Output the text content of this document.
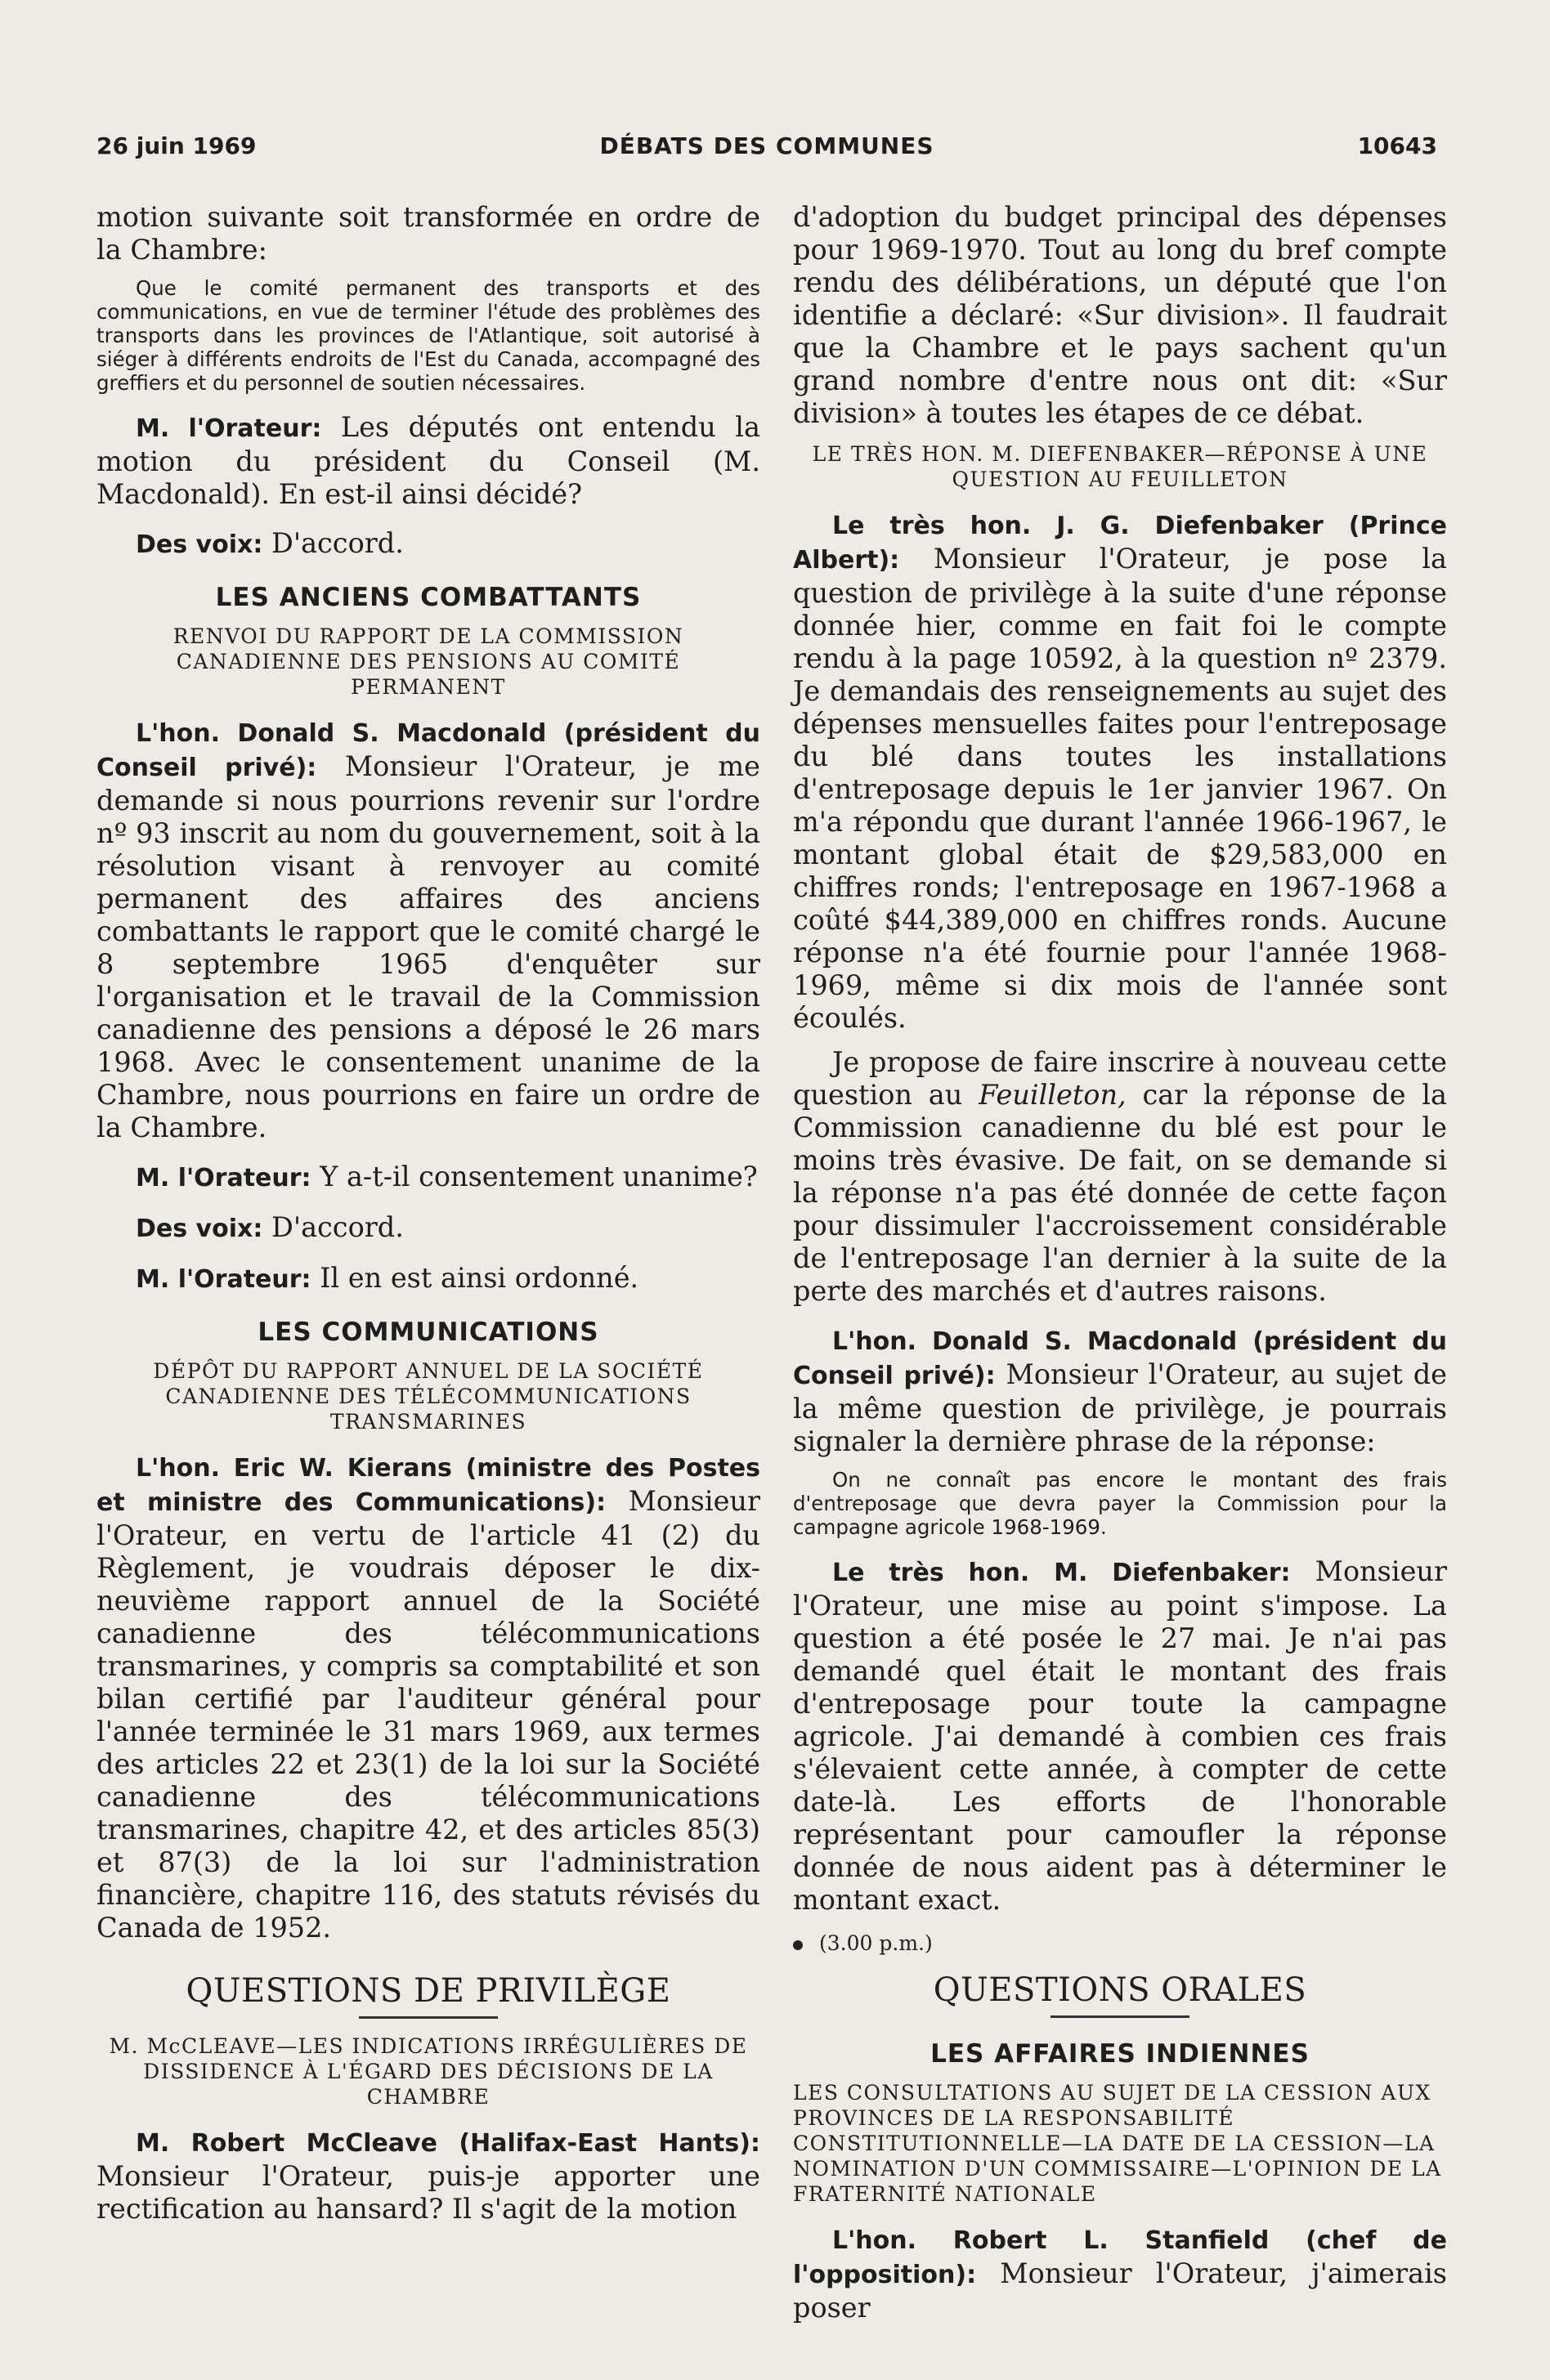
26 juin 1969	DÉBATS DES COMMUNES	10643

motion suivante soit transformée en ordre de la Chambre:

Que le comité permanent des transports et des communications, en vue de terminer l'étude des problèmes des transports dans les provinces de l'Atlantique, soit autorisé à siéger à différents endroits de l'Est du Canada, accompagné des greffiers et du personnel de soutien nécessaires.

M. l'Orateur: Les députés ont entendu la motion du président du Conseil (M. Macdonald). En est-il ainsi décidé?

Des voix: D'accord.

LES ANCIENS COMBATTANTS
RENVOI DU RAPPORT DE LA COMMISSION CANADIENNE DES PENSIONS AU COMITÉ PERMANENT

L'hon. Donald S. Macdonald (président du Conseil privé): Monsieur l'Orateur, je me demande si nous pourrions revenir sur l'ordre nº 93 inscrit au nom du gouvernement, soit à la résolution visant à renvoyer au comité permanent des affaires des anciens combattants le rapport que le comité chargé le 8 septembre 1965 d'enquêter sur l'organisation et le travail de la Commission canadienne des pensions a déposé le 26 mars 1968. Avec le consentement unanime de la Chambre, nous pourrions en faire un ordre de la Chambre.

M. l'Orateur: Y a-t-il consentement unanime?

Des voix: D'accord.

M. l'Orateur: Il en est ainsi ordonné.

LES COMMUNICATIONS
DÉPÔT DU RAPPORT ANNUEL DE LA SOCIÉTÉ CANADIENNE DES TÉLÉCOMMUNICATIONS TRANSMARINES

L'hon. Eric W. Kierans (ministre des Postes et ministre des Communications): Monsieur l'Orateur, en vertu de l'article 41 (2) du Règlement, je voudrais déposer le dix-neuvième rapport annuel de la Société canadienne des télécommunications transmarines, y compris sa comptabilité et son bilan certifié par l'auditeur général pour l'année terminée le 31 mars 1969, aux termes des articles 22 et 23(1) de la loi sur la Société canadienne des télécommunications transmarines, chapitre 42, et des articles 85(3) et 87(3) de la loi sur l'administration financière, chapitre 116, des statuts révisés du Canada de 1952.

QUESTIONS DE PRIVILÈGE
M. McCLEAVE—LES INDICATIONS IRRÉGULIÈRES DE DISSIDENCE À L'ÉGARD DES DÉCISIONS DE LA CHAMBRE

M. Robert McCleave (Halifax-East Hants): Monsieur l'Orateur, puis-je apporter une rectification au hansard? Il s'agit de la motion

d'adoption du budget principal des dépenses pour 1969-1970. Tout au long du bref compte rendu des délibérations, un député que l'on identifie a déclaré: «Sur division». Il faudrait que la Chambre et le pays sachent qu'un grand nombre d'entre nous ont dit: «Sur division» à toutes les étapes de ce débat.

LE TRÈS HON. M. DIEFENBAKER—RÉPONSE À UNE QUESTION AU FEUILLETON

Le très hon. J. G. Diefenbaker (Prince Albert): Monsieur l'Orateur, je pose la question de privilège à la suite d'une réponse donnée hier, comme en fait foi le compte rendu à la page 10592, à la question nº 2379. Je demandais des renseignements au sujet des dépenses mensuelles faites pour l'entreposage du blé dans toutes les installations d'entreposage depuis le 1er janvier 1967. On m'a répondu que durant l'année 1966-1967, le montant global était de $29,583,000 en chiffres ronds; l'entreposage en 1967-1968 a coûté $44,389,000 en chiffres ronds. Aucune réponse n'a été fournie pour l'année 1968-1969, même si dix mois de l'année sont écoulés.

Je propose de faire inscrire à nouveau cette question au Feuilleton, car la réponse de la Commission canadienne du blé est pour le moins très évasive. De fait, on se demande si la réponse n'a pas été donnée de cette façon pour dissimuler l'accroissement considérable de l'entreposage l'an dernier à la suite de la perte des marchés et d'autres raisons.

L'hon. Donald S. Macdonald (président du Conseil privé): Monsieur l'Orateur, au sujet de la même question de privilège, je pourrais signaler la dernière phrase de la réponse:

On ne connaît pas encore le montant des frais d'entreposage que devra payer la Commission pour la campagne agricole 1968-1969.

Le très hon. M. Diefenbaker: Monsieur l'Orateur, une mise au point s'impose. La question a été posée le 27 mai. Je n'ai pas demandé quel était le montant des frais d'entreposage pour toute la campagne agricole. J'ai demandé à combien ces frais s'élevaient cette année, à compter de cette date-là. Les efforts de l'honorable représentant pour camoufler la réponse donnée de nous aident pas à déterminer le montant exact.

(3.00 p.m.)
QUESTIONS ORALES
LES AFFAIRES INDIENNES
LES CONSULTATIONS AU SUJET DE LA CESSION AUX PROVINCES DE LA RESPONSABILITÉ CONSTITUTIONNELLE—LA DATE DE LA CESSION—LA NOMINATION D'UN COMMISSAIRE—L'OPINION DE LA FRATERNITÉ NATIONALE

L'hon. Robert L. Stanfield (chef de l'opposition): Monsieur l'Orateur, j'aimerais poser
